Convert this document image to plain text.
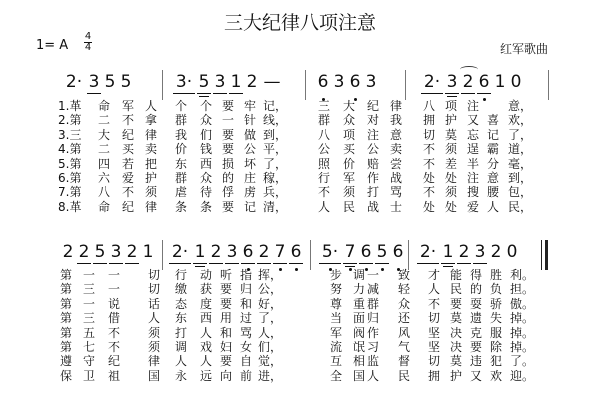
三大纪律八项注意
1= A
4
4	红军歌曲
2· 3 5 5	3· 5 3 1 2 — 6 3 6 3	2· 3 2 6 1 0
1.革 命 军 人 个 个 要 牢 记，	三 大 纪 律 八 项 注 意，
2.第 二 不 拿 群 众 一 针 线，	群 众 对 我 拥 护 又 喜 欢，
3.三 大 纪 律 我 们 要 做 到，	八 项 注 意 切 莫 忘 记 了，
4.第 二 买 卖 价 钱 要 公 平，	公 买 公 卖 不 须 逞 霸 道，
5.第 四 若 把 东 西 损 坏 了，	照 价 赔 尝 不 差 半 分 毫，
6.第 六 爱 护 群 众 的 庄 稼，	行 军 作 战 处 处 注 意 到，
7.第 八 不 须 虐 待 俘 虏 兵，	不 须 打 骂 不 须 搜 腰 包，
8.革 命 纪 律 条 条 要 记 清，	人 民 战 士 处 处 爱 人 民，
2 2 5 3 2 1 2· 1 2 3 6 2 7 6 5· 7 6 5 6 2· 1 2 3 2 0
第 一 一 切 行 动 听 指 挥，	步 调 一 致 才 能 得 胜 利。
第 三 一 切 缴 获 要 归 公，	努 力 减 轻 人 民 的 负 担。
第 一 说 话 态 度 要 和 好，	尊 重 群 众 不 要 耍 骄 傲。
第 三 借 人 东 西 用 过 了，	当 面 归 还 切 莫 遗 失 掉。
第 五 不 须 打 人 和 骂 人，	军 阀 作 风 坚 决 克 服 掉。
第 七 不 须 调 戏 妇 女 们，	流 氓 习 气 坚 决 要 除 掉。
遵 守 纪 律 人 人 要 自 觉，	互 相 监 督 切 莫 违 犯 了。
保 卫 祖 国 永 远 向 前 进，	全 国 人 民 拥 护 又 欢 迎。
